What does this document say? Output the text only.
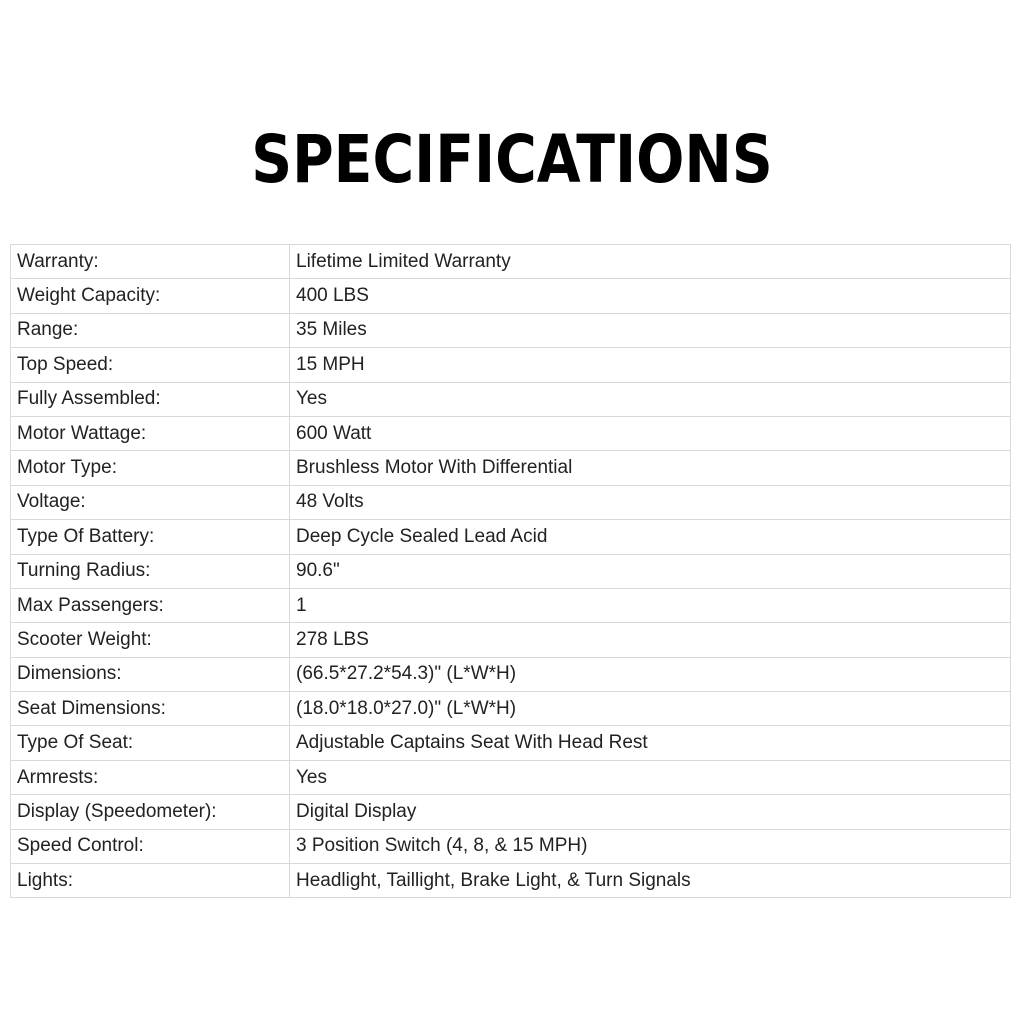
SPECIFICATIONS
Warranty:	Lifetime Limited Warranty
Weight Capacity:	400 LBS
Range:	35 Miles
Top Speed:	15 MPH
Fully Assembled:	Yes
Motor Wattage:	600 Watt
Motor Type:	Brushless Motor With Differential
Voltage:	48 Volts
Type Of Battery:	Deep Cycle Sealed Lead Acid
Turning Radius:	90.6"
Max Passengers:	1
Scooter Weight:	278 LBS
Dimensions:	(66.5*27.2*54.3)" (L*W*H)
Seat Dimensions:	(18.0*18.0*27.0)" (L*W*H)
Type Of Seat:	Adjustable Captains Seat With Head Rest
Armrests:	Yes
Display (Speedometer):	Digital Display
Speed Control:	3 Position Switch (4, 8, & 15 MPH)
Lights:	Headlight, Taillight, Brake Light, & Turn Signals
